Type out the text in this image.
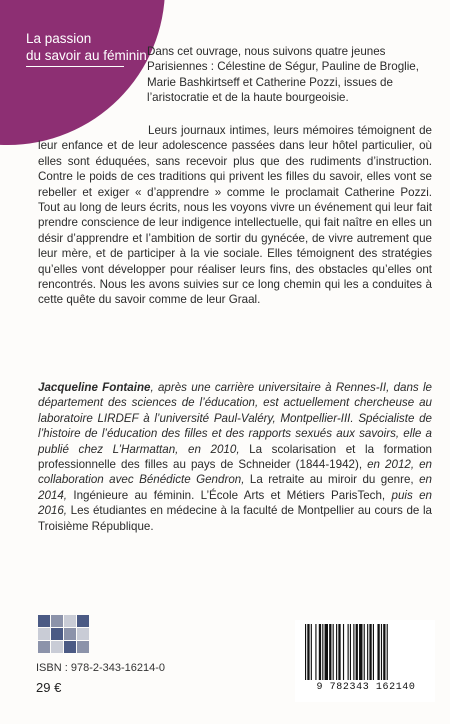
La passion
du savoir au féminin Dans cet ouvrage, nous suivons quatre jeunes Parisiennes : Célestine de Ségur, Pauline de Broglie, Marie Bashkirtseff et Catherine Pozzi, issues de l’aristocratie et de la haute bourgeoisie.
Leurs journaux intimes, leurs mémoires témoignent de leur enfance et de leur adolescence passées dans leur hôtel particulier, où elles sont éduquées, sans recevoir plus que des rudiments d’instruction. Contre le poids de ces traditions qui privent les filles du savoir, elles vont se rebeller et exiger « d’apprendre » comme le proclamait Catherine Pozzi. Tout au long de leurs écrits, nous les voyons vivre un événement qui leur fait prendre conscience de leur indigence intellectuelle, qui fait naître en elles un désir d’apprendre et l’ambition de sortir du gynécée, de vivre autrement que leur mère, et de participer à la vie sociale. Elles témoignent des stratégies qu’elles vont développer pour réaliser leurs fins, des obstacles qu’elles ont rencontrés. Nous les avons suivies sur ce long chemin qui les a conduites à cette quête du savoir comme de leur Graal.
Jacqueline Fontaine, après une carrière universitaire à Rennes-II, dans le département des sciences de l’éducation, est actuellement chercheuse au laboratoire LIRDEF à l’université Paul-Valéry, Montpellier-III. Spécialiste de l’histoire de l’éducation des filles et des rapports sexués aux savoirs, elle a publié chez L’Harmattan, en 2010, La scolarisation et la formation professionnelle des filles au pays de Schneider (1844-1942), en 2012, en collaboration avec Bénédicte Gendron, La retraite au miroir du genre, en 2014, Ingénieure au féminin. L’École Arts et Métiers ParisTech, puis en 2016, Les étudiantes en médecine à la faculté de Montpellier au cours de la Troisième République.
ISBN : 978-2-343-16214-0
29 €	9 782343 162140
